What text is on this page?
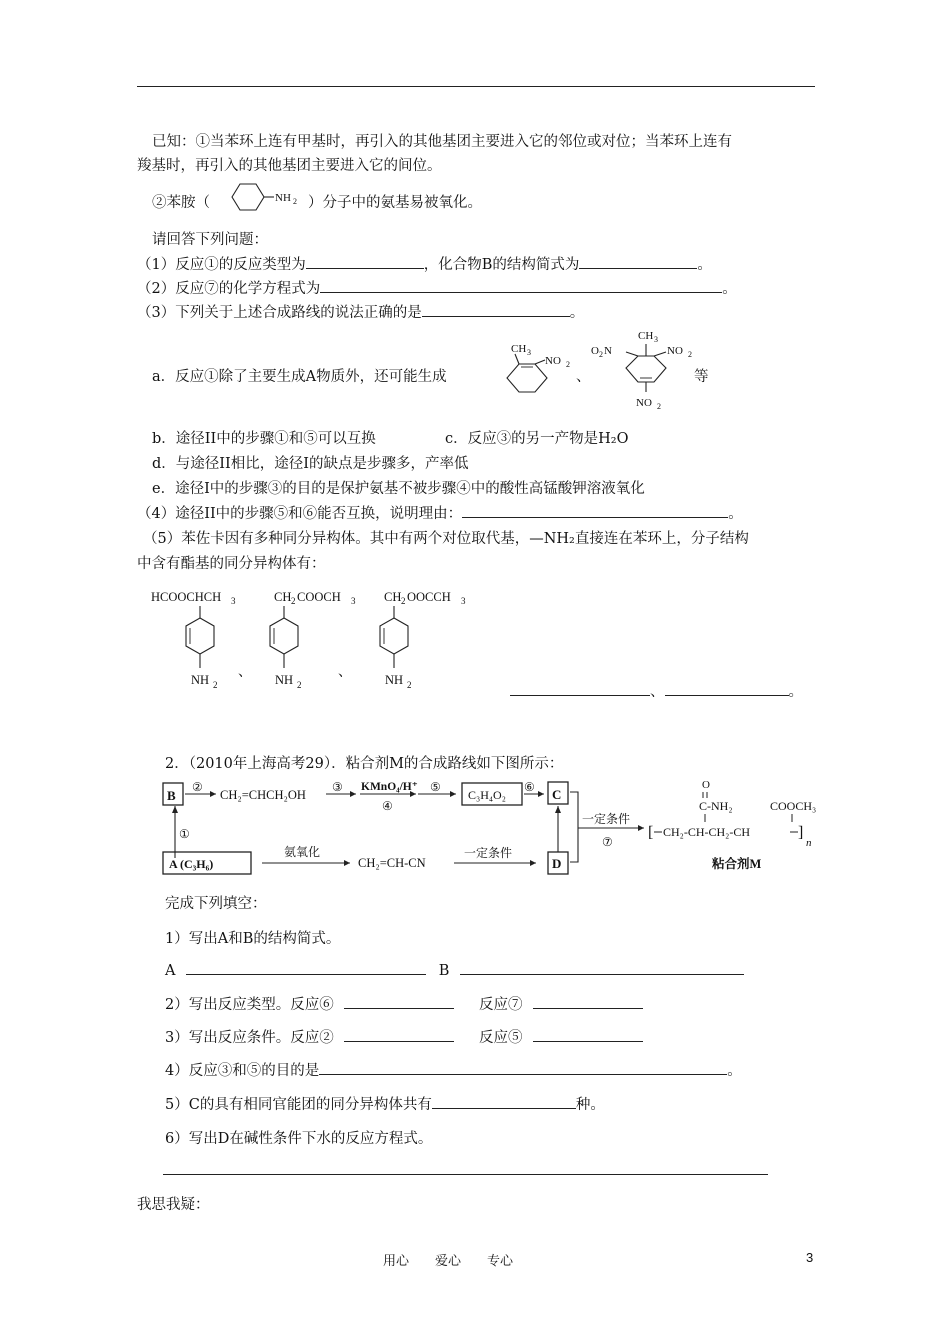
已知：①当苯环上连有甲基时，再引入的其他基团主要进入它的邻位或对位；当苯环上连有
羧基时，再引入的其他基团主要进入它的间位。
②苯胺（	NH 2 ）分子中的氨基易被氧化。
请回答下列问题：
（1）反应①的反应类型为	，化合物B的结构简式为	。
（2）反应⑦的化学方程式为	。
（3）下列关于上述合成路线的说法正确的是	。
a．反应①除了主要生成A物质外，还可能生成
CH 3
NO 2
、
CH 3
O 2 N	NO 2
NO 2
等
b．途径II中的步骤①和⑤可以互换	c．反应③的另一产物是H₂O
d．与途径II相比，途径I的缺点是步骤多，产率低
e．途径I中的步骤③的目的是保护氨基不被步骤④中的酸性高锰酸钾溶液氧化
（4）途径II中的步骤⑤和⑥能否互换，说明理由：	。
（5）苯佐卡因有多种同分异构体。其中有两个对位取代基，—NH₂直接连在苯环上，分子结构
中含有酯基的同分异构体有：
HCOOCHCH 3
NH 2
、
CH 2 COOCH 3
NH 2
、
CH 2 OOCCH 3
NH 2	、	。
2．（2010年上海高考29）．粘合剂M的合成路线如下图所示：
B
②
CH₂=CHCH₂OH
③ KMnO₄/H⁺
④
⑤
C₃H₄O₂
⑥ C
①
一定条件
⑦
A (C₃H₆)
氨氧化
CH₂=CH-CN
一定条件
D
O
C-NH₂	COOCH₃
[ CH₂-CH-CH₂-CH	]
n
粘合剂M
完成下列填空：
1）写出A和B的结构简式。
A	B
2）写出反应类型。反应⑥	反应⑦
3）写出反应条件。反应②	反应⑤
4）反应③和⑤的目的是	。
5）C的具有相同官能团的同分异构体共有	种。
6）写出D在碱性条件下水的反应方程式。
我思我疑：
用心　　爱心　　专心	3
